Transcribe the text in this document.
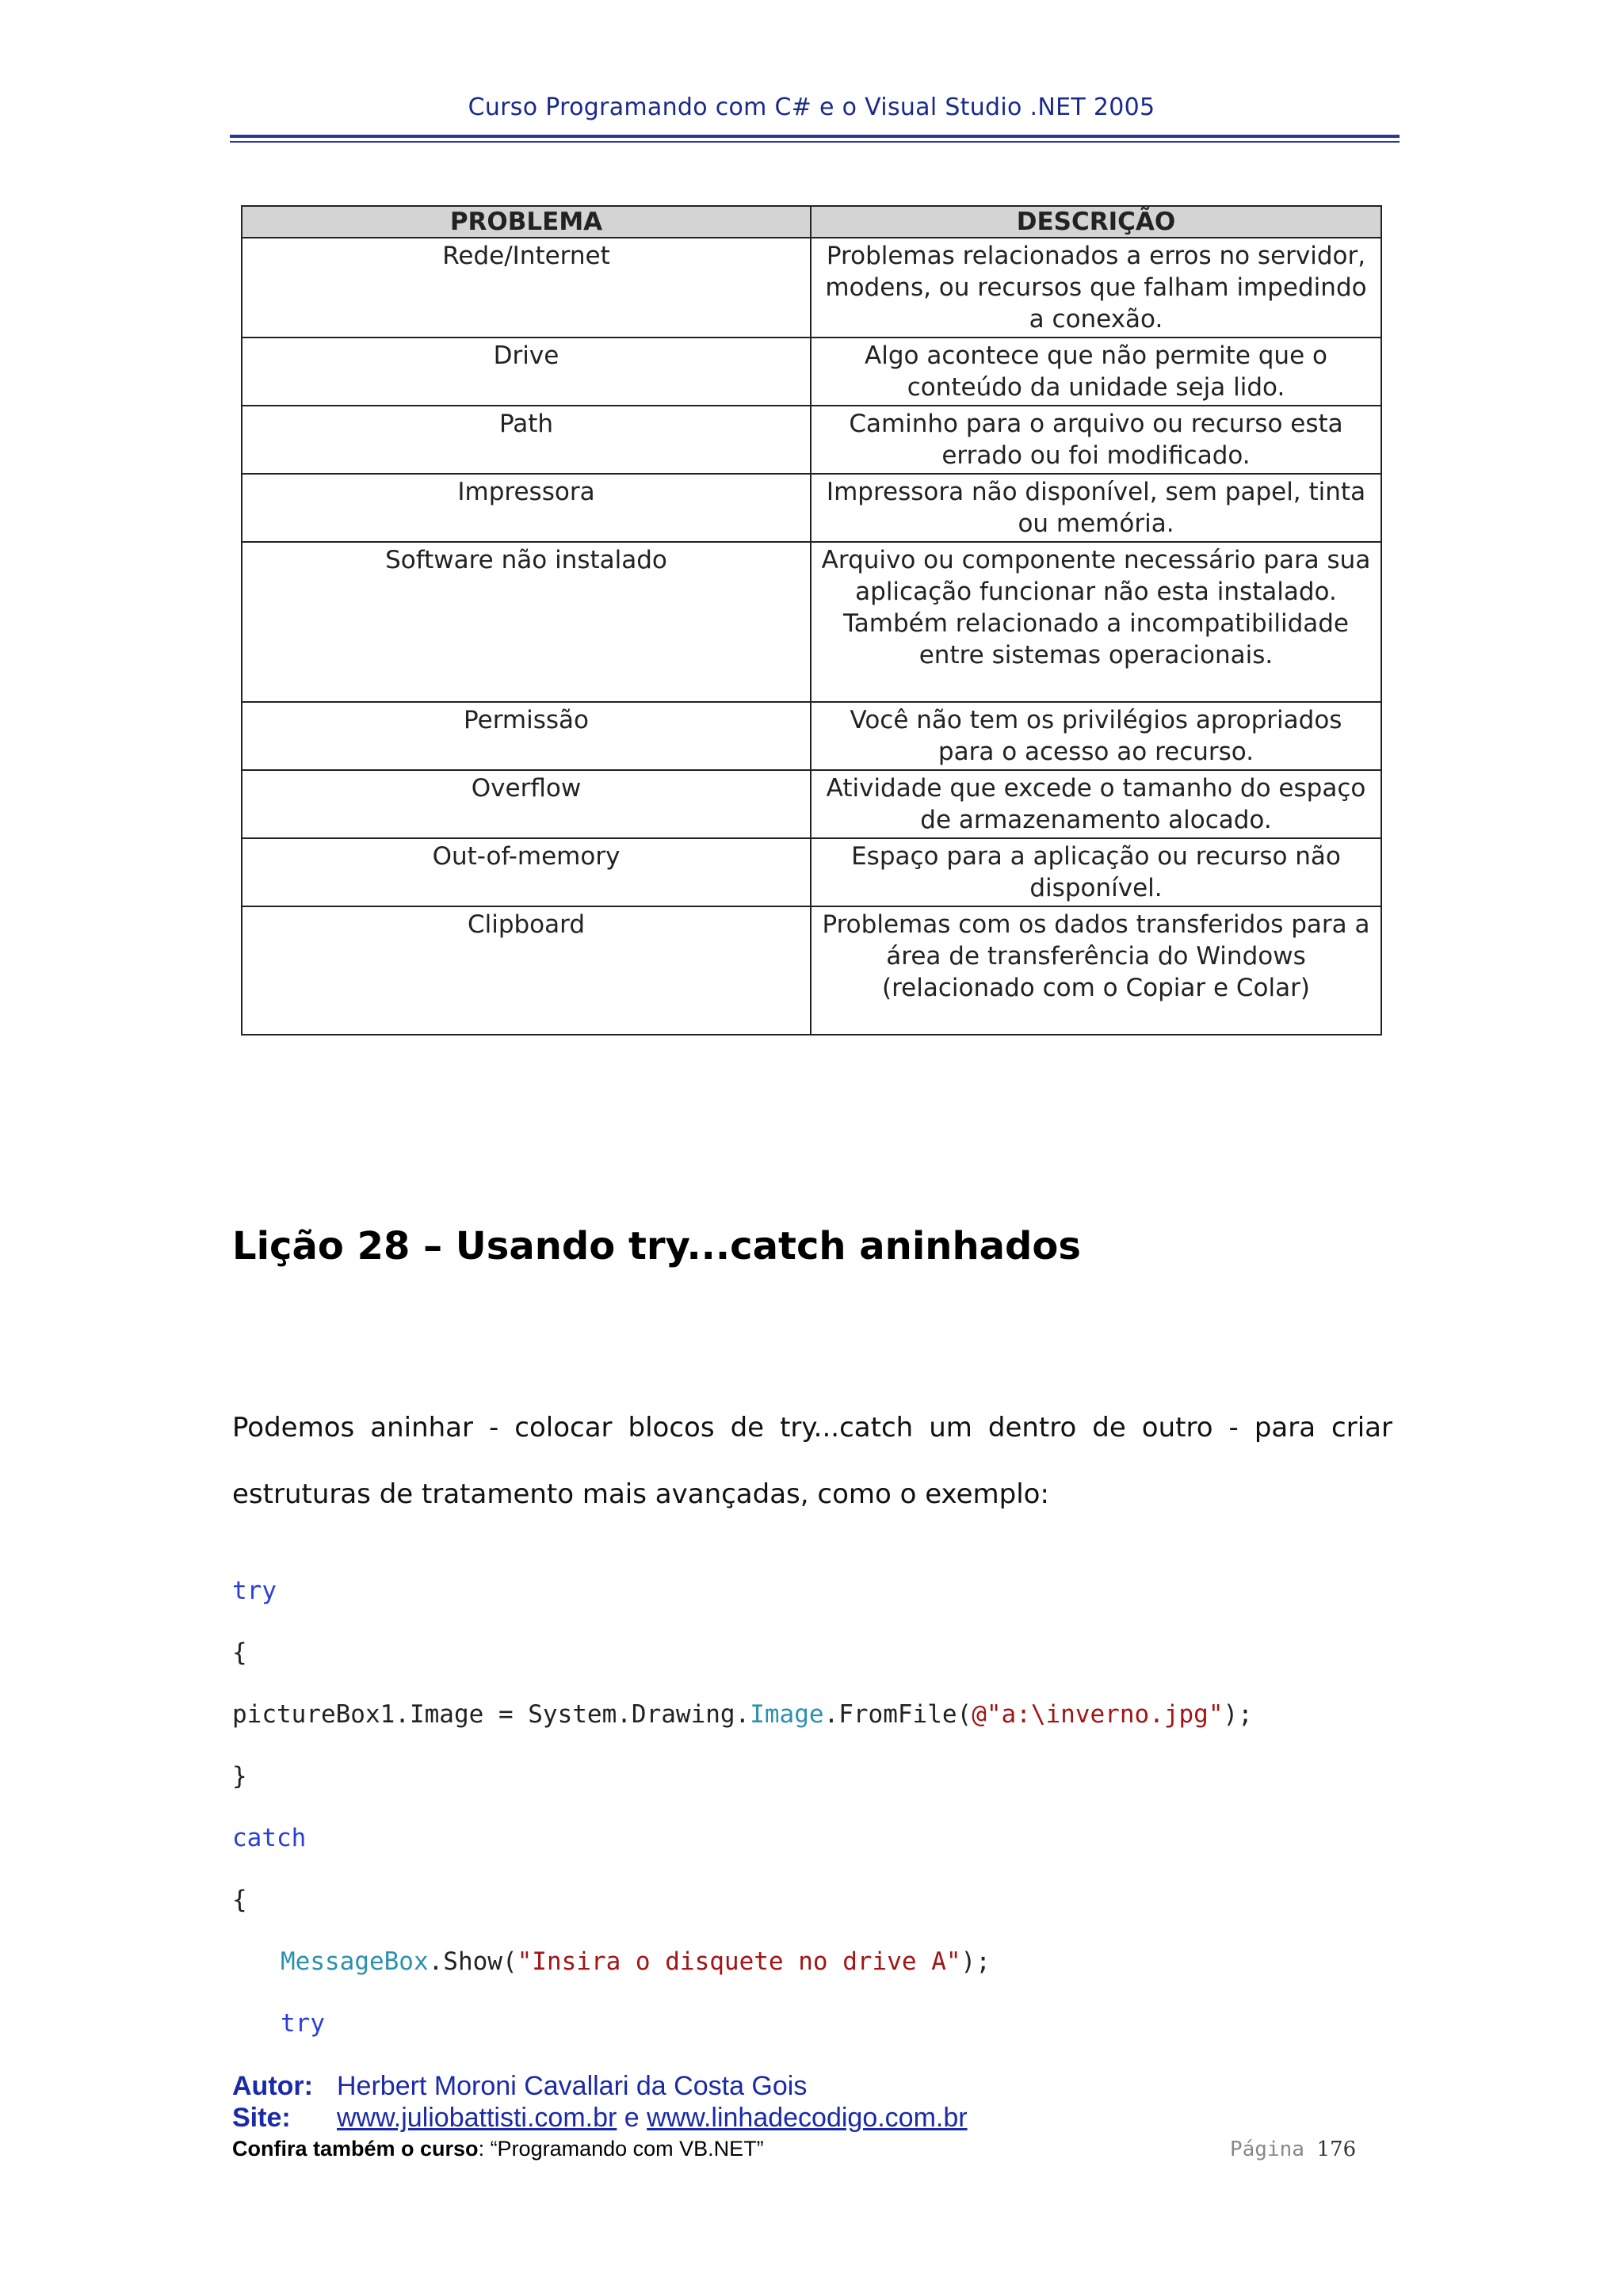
Curso Programando com C# e o Visual Studio .NET 2005
PROBLEMA	DESCRIÇÃO
Rede/Internet	Problemas relacionados a erros no servidor, modens, ou recursos que falham impedindo a conexão.
Drive	Algo acontece que não permite que o conteúdo da unidade seja lido.
Path	Caminho para o arquivo ou recurso esta errado ou foi modificado.
Impressora	Impressora não disponível, sem papel, tinta ou memória.
Software não instalado	Arquivo ou componente necessário para sua aplicação funcionar não esta instalado. Também relacionado a incompatibilidade entre sistemas operacionais.
Permissão	Você não tem os privilégios apropriados para o acesso ao recurso.
Overflow	Atividade que excede o tamanho do espaço de armazenamento alocado.
Out-of-memory	Espaço para a aplicação ou recurso não disponível.
Clipboard	Problemas com os dados transferidos para a área de transferência do Windows (relacionado com o Copiar e Colar)
Lição 28 – Usando try...catch aninhados
Podemos aninhar - colocar blocos de try...catch um dentro de outro - para criar estruturas de tratamento mais avançadas, como o exemplo:
try
{
pictureBox1.Image = System.Drawing.Image.FromFile(@"a:\inverno.jpg");
}
catch
{
MessageBox.Show("Insira o disquete no drive A");
try
Autor: Herbert Moroni Cavallari da Costa Gois
Site: www.juliobattisti.com.br e www.linhadecodigo.com.br
Confira também o curso: “Programando com VB.NET”	Página 176
